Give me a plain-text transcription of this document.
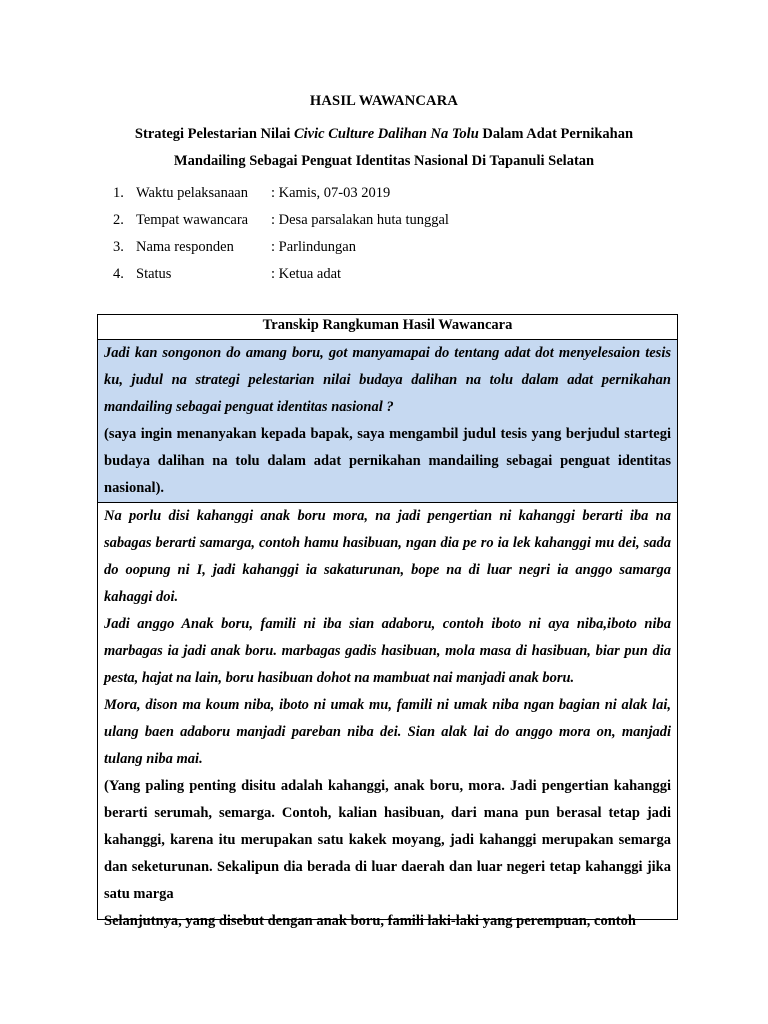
HASIL WAWANCARA
Strategi Pelestarian Nilai Civic Culture Dalihan Na Tolu Dalam Adat Pernikahan
Mandailing Sebagai Penguat Identitas Nasional Di Tapanuli Selatan
1. Waktu pelaksanaan	: Kamis, 07-03 2019
2. Tempat wawancara	: Desa parsalakan huta tunggal
3. Nama responden	: Parlindungan
4. Status	: Ketua adat
Transkip Rangkuman Hasil Wawancara

Jadi kan songonon do amang boru, got manyamapai do tentang adat dot menyelesaion tesis ku, judul na strategi pelestarian nilai budaya dalihan na tolu dalam adat pernikahan mandailing sebagai penguat identitas nasional ?

(saya ingin menanyakan kepada bapak, saya mengambil judul tesis yang berjudul startegi budaya dalihan na tolu dalam adat pernikahan mandailing sebagai penguat identitas nasional).

Na porlu disi kahanggi anak boru mora, na jadi pengertian ni kahanggi berarti iba na sabagas berarti samarga, contoh hamu hasibuan, ngan dia pe ro ia lek kahanggi mu dei, sada do oopung ni I, jadi kahanggi ia sakaturunan, bope na di luar negri ia anggo samarga kahaggi doi.

Jadi anggo Anak boru, famili ni iba sian adaboru, contoh iboto ni aya niba,iboto niba marbagas ia jadi anak boru. marbagas gadis hasibuan, mola masa di hasibuan, biar pun dia pesta, hajat na lain, boru hasibuan dohot na mambuat nai manjadi anak boru.

Mora, dison ma koum niba, iboto ni umak mu, famili ni umak niba ngan bagian ni alak lai, ulang baen adaboru manjadi pareban niba dei. Sian alak lai do anggo mora on, manjadi tulang niba mai.

(Yang paling penting disitu adalah kahanggi, anak boru, mora. Jadi pengertian kahanggi berarti serumah, semarga. Contoh, kalian hasibuan, dari mana pun berasal tetap jadi kahanggi, karena itu merupakan satu kakek moyang, jadi kahanggi merupakan semarga dan seketurunan. Sekalipun dia berada di luar daerah dan luar negeri tetap kahanggi jika satu marga

Selanjutnya, yang disebut dengan anak boru, famili laki-laki yang perempuan, contoh
